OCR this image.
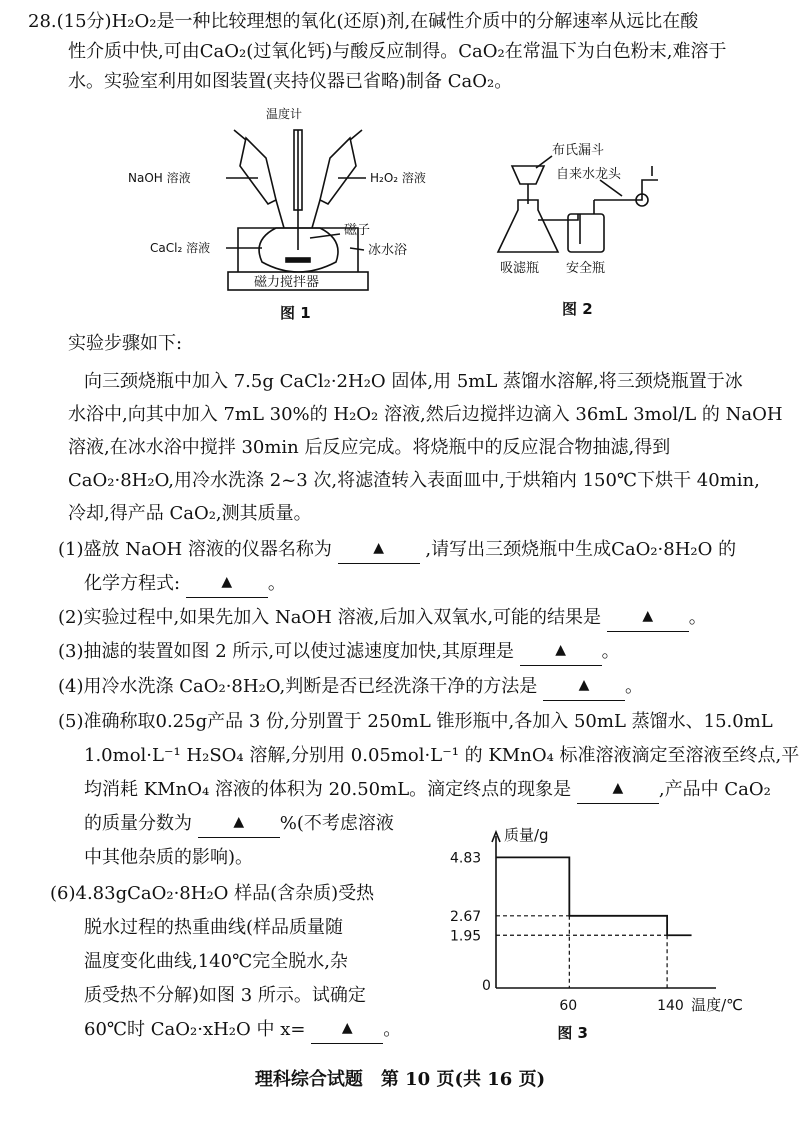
28.(15分)H₂O₂是一种比较理想的氧化(还原)剂,在碱性介质中的分解速率从远比在酸
性介质中快,可由CaO₂(过氧化钙)与酸反应制得。CaO₂在常温下为白色粉末,难溶于
水。实验室利用如图装置(夹持仪器已省略)制备 CaO₂。
温度计
NaOH 溶液	H₂O₂ 溶液
CaCl₂ 溶液
磁子
冰水浴
磁力搅拌器
图 1
布氏漏斗
自来水龙头
吸滤瓶 安全瓶
图 2
实验步骤如下:
向三颈烧瓶中加入 7.5g CaCl₂·2H₂O 固体,用 5mL 蒸馏水溶解,将三颈烧瓶置于冰
水浴中,向其中加入 7mL 30%的 H₂O₂ 溶液,然后边搅拌边滴入 36mL 3mol/L 的 NaOH
溶液,在冰水浴中搅拌 30min 后反应完成。将烧瓶中的反应混合物抽滤,得到
CaO₂·8H₂O,用冷水洗涤 2~3 次,将滤渣转入表面皿中,于烘箱内 150℃下烘干 40min,
冷却,得产品 CaO₂,测其质量。
(1)盛放 NaOH 溶液的仪器名称为	▲ ,请写出三颈烧瓶中生成CaO₂·8H₂O 的
化学方程式:	▲ 。
(2)实验过程中,如果先加入 NaOH 溶液,后加入双氧水,可能的结果是	▲ 。
(3)抽滤的装置如图 2 所示,可以使过滤速度加快,其原理是	▲ 。
(4)用冷水洗涤 CaO₂·8H₂O,判断是否已经洗涤干净的方法是	▲ 。
(5)准确称取0.25g产品 3 份,分别置于 250mL 锥形瓶中,各加入 50mL 蒸馏水、15.0mL
1.0mol·L⁻¹ H₂SO₄ 溶解,分别用 0.05mol·L⁻¹ 的 KMnO₄ 标准溶液滴定至溶液至终点,平
均消耗 KMnO₄ 溶液的体积为 20.50mL。滴定终点的现象是	▲ ,产品中 CaO₂
的质量分数为	▲ %(不考虑溶液
中其他杂质的影响)。
(6)4.83gCaO₂·8H₂O 样品(含杂质)受热
脱水过程的热重曲线(样品质量随
温度变化曲线,140℃完全脱水,杂
质受热不分解)如图 3 所示。试确定
60℃时 CaO₂·xH₂O 中 x=	▲ 。
4.83
2.67
1.95
0
60	140
质量/g
温度/℃
图 3
理科综合试题　第 10 页(共 16 页)
